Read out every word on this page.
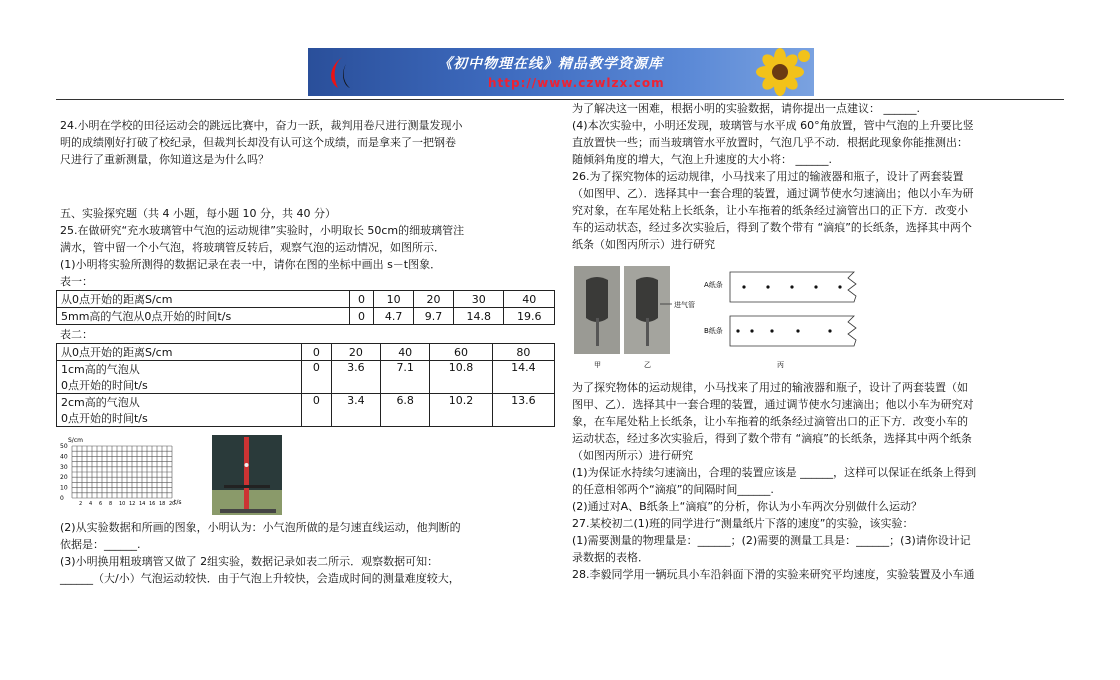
《初中物理在线》精品教学资源库
http://www.czwlzx.com
24.小明在学校的田径运动会的跳远比赛中，奋力一跃，裁判用卷尺进行测量发现小
明的成绩刚好打破了校纪录，但裁判长却没有认可这个成绩，而是拿来了一把钢卷
尺进行了重新测量，你知道这是为什么吗？
五、实验探究题（共 4 小题，每小题 10 分，共 40 分）
25.在做研究“充水玻璃管中气泡的运动规律”实验时，小明取长 50cm的细玻璃管注
满水，管中留一个小气泡，将玻璃管反转后，观察气泡的运动情况，如图所示．
(1)小明将实验所测得的数据记录在表一中，请你在图的坐标中画出 s－t图象．
表一：
从0点开始的距离S/cm	0	10	20	30	40
5mm高的气泡从0点开始的时间t/s	0	4.7	9.7	14.8	19.6
表二：
从0点开始的距离S/cm	0	20	40	60	80

1cm高的气泡从
0点开始的时间t/s	0	3.6	7.1	10.8	14.4

2cm高的气泡从
0点开始的时间t/s	0	3.4	6.8	10.2	13.6
S/cm
50
40
30
20
10
0
2 4 6 8 10 12 14 16 18 20
t/s
(2)从实验数据和所画的图象，小明认为：小气泡所做的是匀速直线运动，他判断的
依据是：______.
(3)小明换用粗玻璃管又做了 2组实验，数据记录如表二所示．观察数据可知：
______（大/小）气泡运动较快．由于气泡上升较快，会造成时间的测量难度较大，
为了解决这一困难，根据小明的实验数据，请你提出一点建议： ______.
(4)本次实验中，小明还发现，玻璃管与水平成 60°角放置，管中气泡的上升要比竖
直放置快一些；而当玻璃管水平放置时，气泡几乎不动．根据此现象你能推测出：
随倾斜角度的增大，气泡上升速度的大小将： ______.
26.为了探究物体的运动规律，小马找来了用过的输液器和瓶子，设计了两套装置
（如图甲、乙）．选择其中一套合理的装置，通过调节使水匀速滴出；他以小车为研
究对象，在车尾处粘上长纸条，让小车拖着的纸条经过滴管出口的正下方．改变小
车的运动状态，经过多次实验后，得到了数个带有 “滴痕”的长纸条，选择其中两个
纸条（如图丙所示）进行研究
进气管
A纸条
B纸条
甲	乙	丙
为了探究物体的运动规律，小马找来了用过的输液器和瓶子，设计了两套装置（如
图甲、乙）．选择其中一套合理的装置，通过调节使水匀速滴出；他以小车为研究对
象，在车尾处粘上长纸条，让小车拖着的纸条经过滴管出口的正下方．改变小车的
运动状态，经过多次实验后，得到了数个带有 “滴痕”的长纸条，选择其中两个纸条
（如图丙所示）进行研究
(1)为保证水持续匀速滴出，合理的装置应该是 ______，这样可以保证在纸条上得到
的任意相邻两个“滴痕”的间隔时间______.
(2)通过对A、B纸条上“滴痕”的分析，你认为小车两次分别做什么运动？
27.某校初二(1)班的同学进行“测量纸片下落的速度”的实验，该实验：
(1)需要测量的物理量是：______；(2)需要的测量工具是：______；(3)请你设计记
录数据的表格．
28.李毅同学用一辆玩具小车沿斜面下滑的实验来研究平均速度，实验装置及小车通
